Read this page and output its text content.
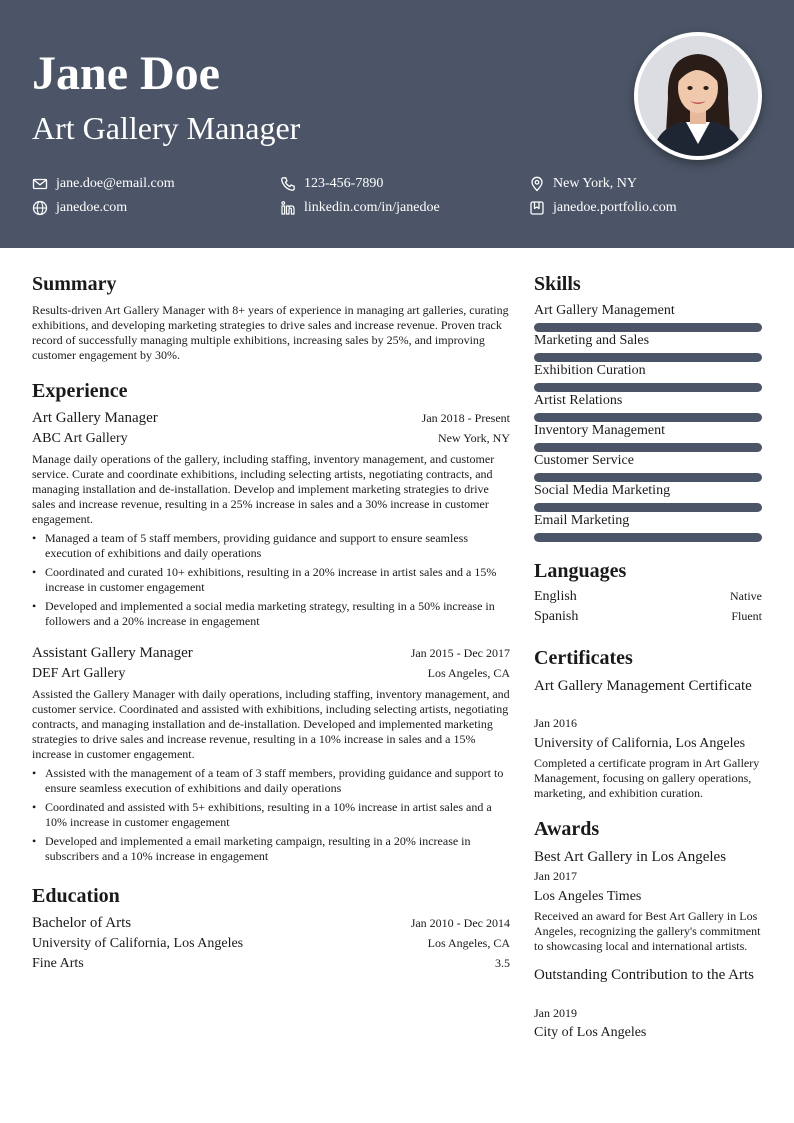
Jane Doe
Art Gallery Manager
jane.doe@email.com	123-456-7890	New York, NY
janedoe.com	linkedin.com/in/janedoe	janedoe.portfolio.com
Summary
Results-driven Art Gallery Manager with 8+ years of experience in managing art galleries, curating exhibitions, and developing marketing strategies to drive sales and increase revenue. Proven track record of successfully managing multiple exhibitions, increasing sales by 25%, and improving customer engagement by 30%.
Experience
Art Gallery Manager	Jan 2018 - Present
ABC Art Gallery	New York, NY
Manage daily operations of the gallery, including staffing, inventory management, and customer service. Curate and coordinate exhibitions, including selecting artists, negotiating contracts, and managing installation and de-installation. Develop and implement marketing strategies to drive sales and increase revenue, resulting in a 25% increase in sales and a 30% increase in customer engagement.
• Managed a team of 5 staff members, providing guidance and support to ensure seamless execution of exhibitions and daily operations
• Coordinated and curated 10+ exhibitions, resulting in a 20% increase in artist sales and a 15% increase in customer engagement
• Developed and implemented a social media marketing strategy, resulting in a 50% increase in followers and a 20% increase in engagement
Assistant Gallery Manager	Jan 2015 - Dec 2017
DEF Art Gallery	Los Angeles, CA
Assisted the Gallery Manager with daily operations, including staffing, inventory management, and customer service. Coordinated and assisted with exhibitions, including selecting artists, negotiating contracts, and managing installation and de-installation. Developed and implemented marketing strategies to drive sales and increase revenue, resulting in a 10% increase in sales and a 15% increase in customer engagement.
• Assisted with the management of a team of 3 staff members, providing guidance and support to ensure seamless execution of exhibitions and daily operations
• Coordinated and assisted with 5+ exhibitions, resulting in a 10% increase in artist sales and a 10% increase in customer engagement
• Developed and implemented a email marketing campaign, resulting in a 20% increase in subscribers and a 10% increase in engagement
Education
Bachelor of Arts	Jan 2010 - Dec 2014
University of California, Los Angeles	Los Angeles, CA
Fine Arts	3.5
Skills
Art Gallery Management
Marketing and Sales
Exhibition Curation
Artist Relations
Inventory Management
Customer Service
Social Media Marketing
Email Marketing
Languages
English	Native
Spanish	Fluent
Certificates
Art Gallery Management Certificate
Jan 2016
University of California, Los Angeles
Completed a certificate program in Art Gallery Management, focusing on gallery operations, marketing, and exhibition curation.
Awards
Best Art Gallery in Los Angeles
Jan 2017
Los Angeles Times
Received an award for Best Art Gallery in Los Angeles, recognizing the gallery's commitment to showcasing local and international artists.
Outstanding Contribution to the Arts
Jan 2019
City of Los Angeles
